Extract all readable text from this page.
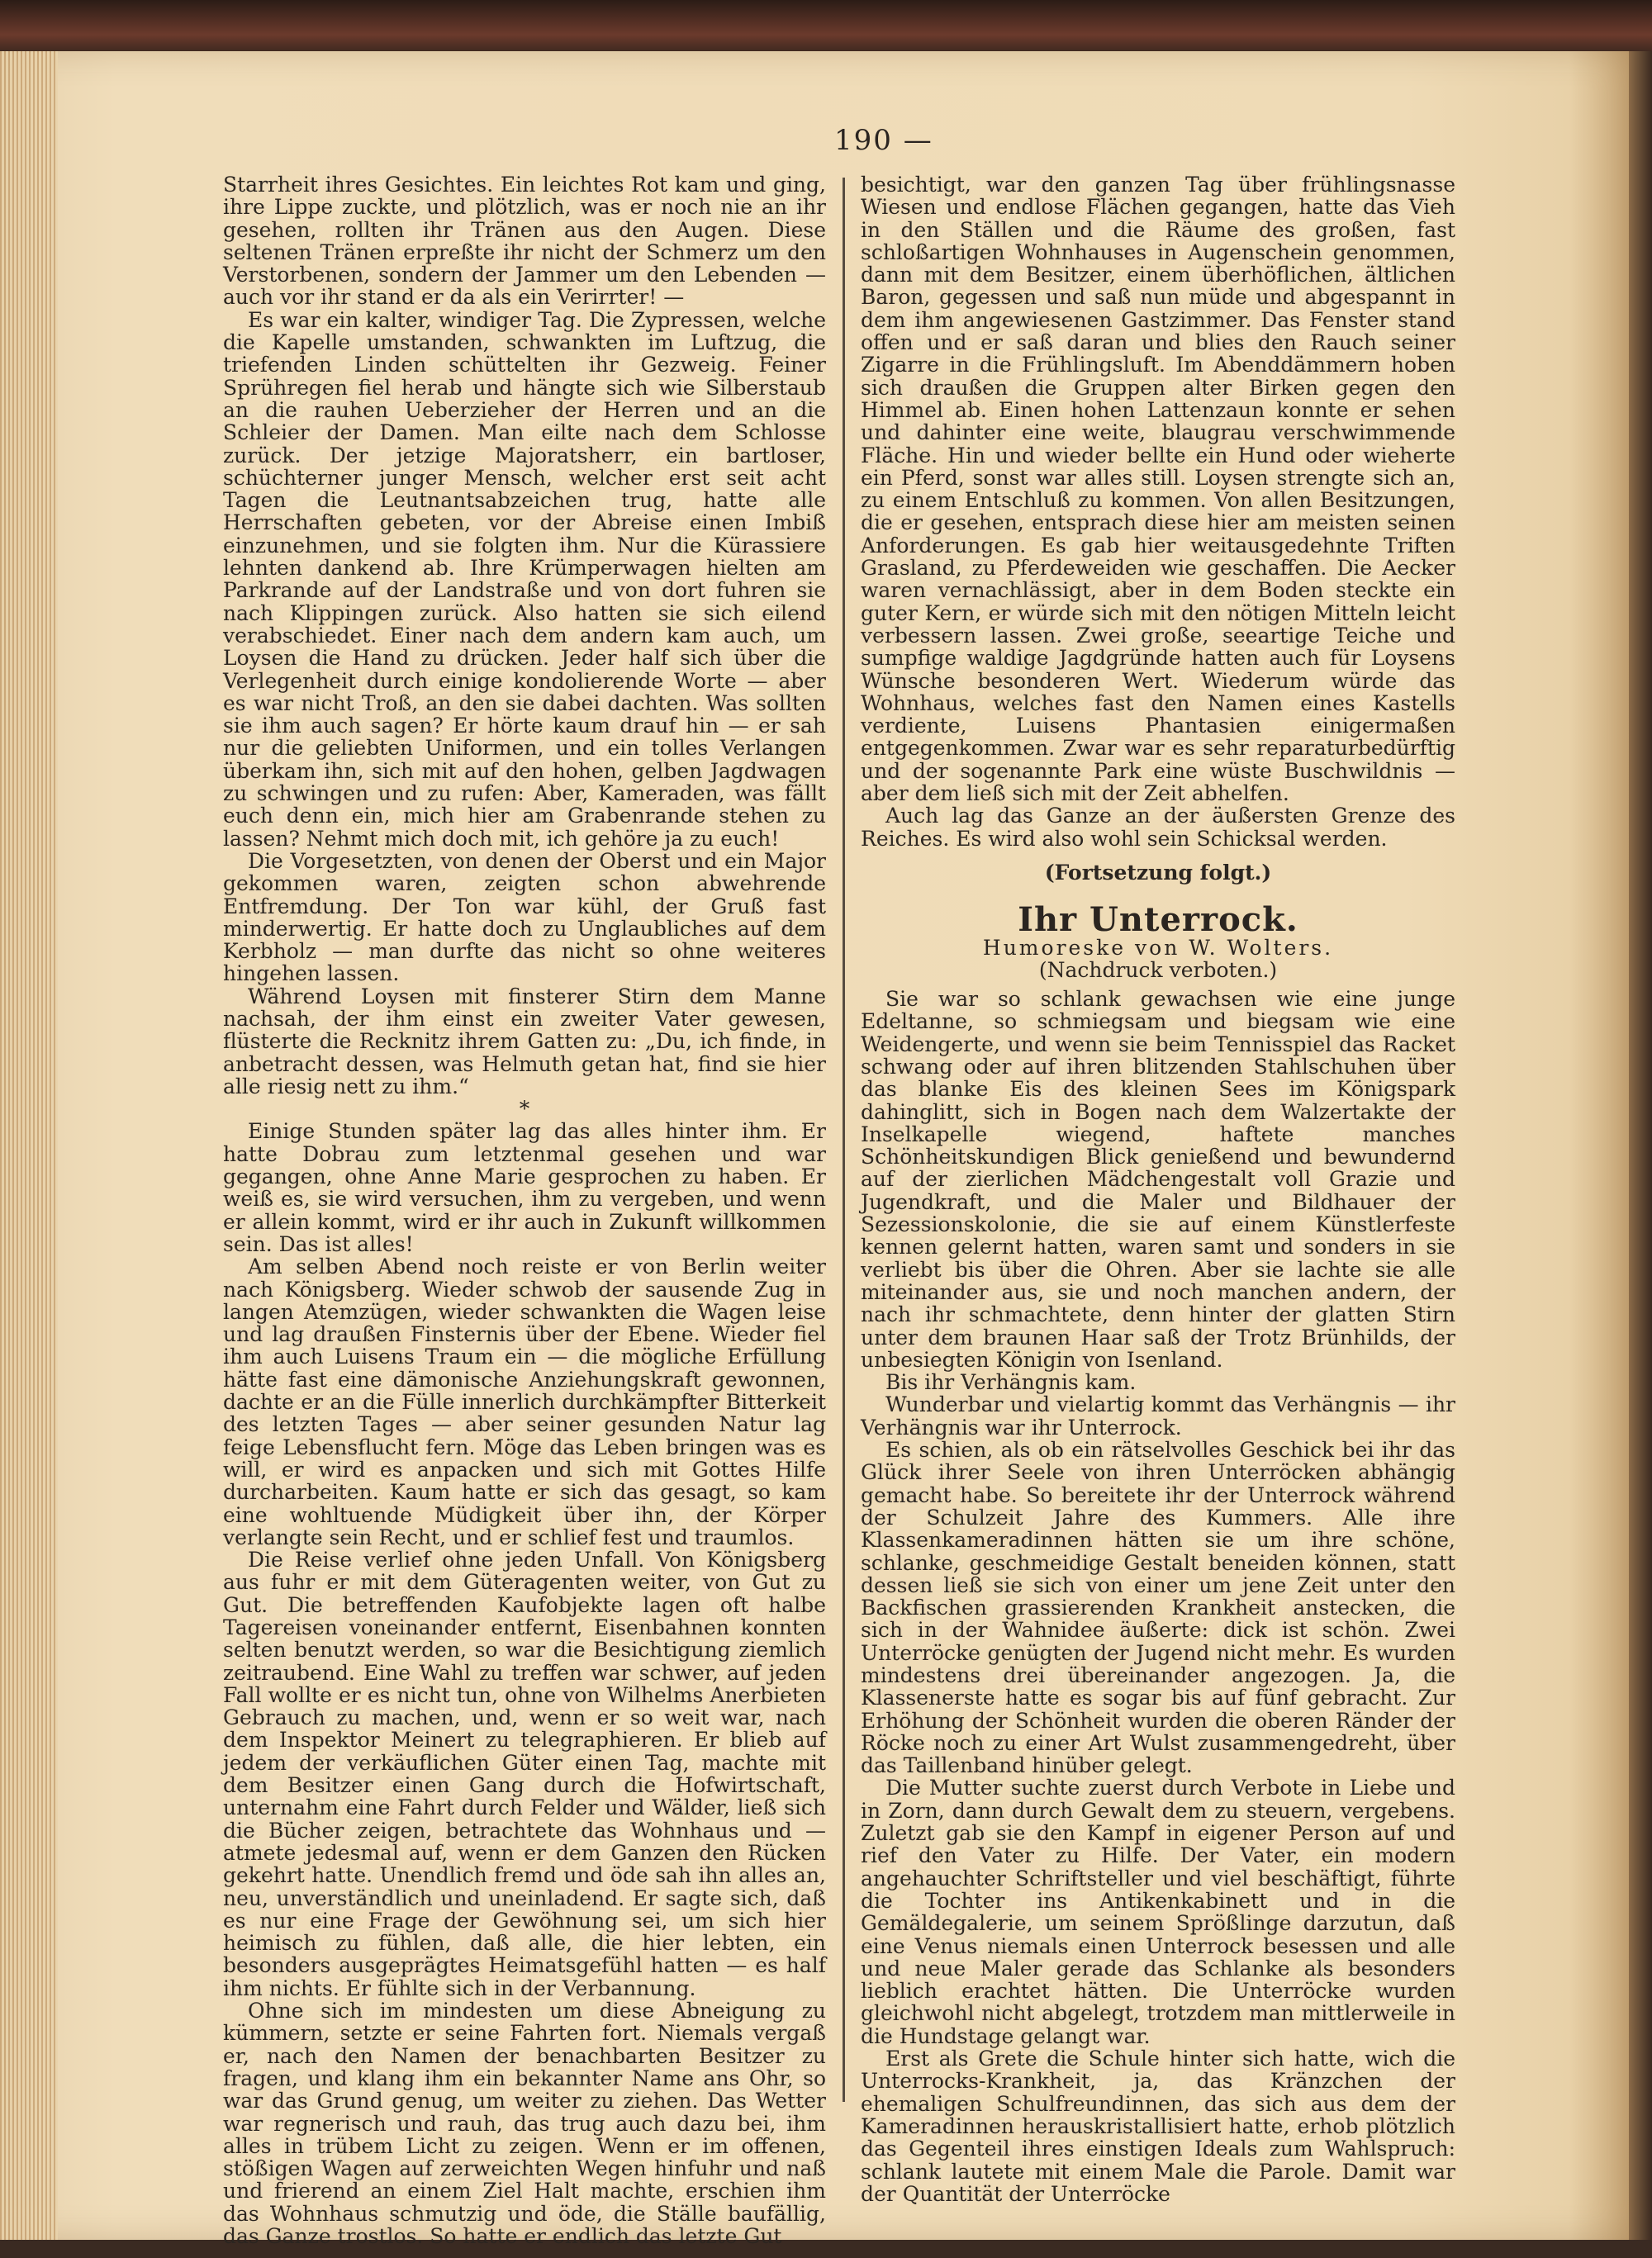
190 —

Starrheit ihres Gesichtes. Ein leichtes Rot kam und ging, ihre Lippe zuckte, und plötzlich, was er noch nie an ihr gesehen, rollten ihr Tränen aus den Augen. Diese seltenen Tränen erpreßte ihr nicht der Schmerz um den Verstorbenen, sondern der Jammer um den Lebenden — auch vor ihr stand er da als ein Verirrter! —

Es war ein kalter, windiger Tag. Die Zypressen, welche die Kapelle umstanden, schwankten im Luftzug, die triefenden Linden schüttelten ihr Gezweig. Feiner Sprühregen fiel herab und hängte sich wie Silberstaub an die rauhen Ueberzieher der Herren und an die Schleier der Damen. Man eilte nach dem Schlosse zurück. Der jetzige Majoratsherr, ein bartloser, schüchterner junger Mensch, welcher erst seit acht Tagen die Leutnantsabzeichen trug, hatte alle Herrschaften gebeten, vor der Abreise einen Imbiß einzunehmen, und sie folgten ihm. Nur die Kürassiere lehnten dankend ab. Ihre Krümperwagen hielten am Parkrande auf der Landstraße und von dort fuhren sie nach Klippingen zurück. Also hatten sie sich eilend verabschiedet. Einer nach dem andern kam auch, um Loysen die Hand zu drücken. Jeder half sich über die Verlegenheit durch einige kondolierende Worte — aber es war nicht Troß, an den sie dabei dachten. Was sollten sie ihm auch sagen? Er hörte kaum drauf hin — er sah nur die geliebten Uniformen, und ein tolles Verlangen überkam ihn, sich mit auf den hohen, gelben Jagdwagen zu schwingen und zu rufen: Aber, Kameraden, was fällt euch denn ein, mich hier am Grabenrande stehen zu lassen? Nehmt mich doch mit, ich gehöre ja zu euch!

Die Vorgesetzten, von denen der Oberst und ein Major gekommen waren, zeigten schon abwehrende Entfremdung. Der Ton war kühl, der Gruß fast minderwertig. Er hatte doch zu Unglaubliches auf dem Kerbholz — man durfte das nicht so ohne weiteres hingehen lassen.

Während Loysen mit finsterer Stirn dem Manne nachsah, der ihm einst ein zweiter Vater gewesen, flüsterte die Recknitz ihrem Gatten zu: „Du, ich finde, in anbetracht dessen, was Helmuth getan hat, find sie hier alle riesig nett zu ihm.“

*

Einige Stunden später lag das alles hinter ihm. Er hatte Dobrau zum letztenmal gesehen und war gegangen, ohne Anne Marie gesprochen zu haben. Er weiß es, sie wird versuchen, ihm zu vergeben, und wenn er allein kommt, wird er ihr auch in Zukunft willkommen sein. Das ist alles!

Am selben Abend noch reiste er von Berlin weiter nach Königsberg. Wieder schwob der sausende Zug in langen Atemzügen, wieder schwankten die Wagen leise und lag draußen Finsternis über der Ebene. Wieder fiel ihm auch Luisens Traum ein — die mögliche Erfüllung hätte fast eine dämonische Anziehungskraft gewonnen, dachte er an die Fülle innerlich durchkämpfter Bitterkeit des letzten Tages — aber seiner gesunden Natur lag feige Lebensflucht fern. Möge das Leben bringen was es will, er wird es anpacken und sich mit Gottes Hilfe durcharbeiten. Kaum hatte er sich das gesagt, so kam eine wohltuende Müdigkeit über ihn, der Körper verlangte sein Recht, und er schlief fest und traumlos.

Die Reise verlief ohne jeden Unfall. Von Königsberg aus fuhr er mit dem Güteragenten weiter, von Gut zu Gut. Die betreffenden Kaufobjekte lagen oft halbe Tagereisen voneinander entfernt, Eisenbahnen konnten selten benutzt werden, so war die Besichtigung ziemlich zeitraubend. Eine Wahl zu treffen war schwer, auf jeden Fall wollte er es nicht tun, ohne von Wilhelms Anerbieten Gebrauch zu machen, und, wenn er so weit war, nach dem Inspektor Meinert zu telegraphieren. Er blieb auf jedem der verkäuflichen Güter einen Tag, machte mit dem Besitzer einen Gang durch die Hofwirtschaft, unternahm eine Fahrt durch Felder und Wälder, ließ sich die Bücher zeigen, betrachtete das Wohnhaus und — atmete jedesmal auf, wenn er dem Ganzen den Rücken gekehrt hatte. Unendlich fremd und öde sah ihn alles an, neu, unverständlich und uneinladend. Er sagte sich, daß es nur eine Frage der Gewöhnung sei, um sich hier heimisch zu fühlen, daß alle, die hier lebten, ein besonders ausgeprägtes Heimatsgefühl hatten — es half ihm nichts. Er fühlte sich in der Verbannung.

Ohne sich im mindesten um diese Abneigung zu kümmern, setzte er seine Fahrten fort. Niemals vergaß er, nach den Namen der benachbarten Besitzer zu fragen, und klang ihm ein bekannter Name ans Ohr, so war das Grund genug, um weiter zu ziehen. Das Wetter war regnerisch und rauh, das trug auch dazu bei, ihm alles in trübem Licht zu zeigen. Wenn er im offenen, stößigen Wagen auf zerweichten Wegen hinfuhr und naß und frierend an einem Ziel Halt machte, erschien ihm das Wohnhaus schmutzig und öde, die Ställe baufällig, das Ganze trostlos. So hatte er endlich das letzte Gut

besichtigt, war den ganzen Tag über frühlingsnasse Wiesen und endlose Flächen gegangen, hatte das Vieh in den Ställen und die Räume des großen, fast schloßartigen Wohnhauses in Augenschein genommen, dann mit dem Besitzer, einem überhöflichen, ältlichen Baron, gegessen und saß nun müde und abgespannt in dem ihm angewiesenen Gastzimmer. Das Fenster stand offen und er saß daran und blies den Rauch seiner Zigarre in die Frühlingsluft. Im Abenddämmern hoben sich draußen die Gruppen alter Birken gegen den Himmel ab. Einen hohen Lattenzaun konnte er sehen und dahinter eine weite, blaugrau verschwimmende Fläche. Hin und wieder bellte ein Hund oder wieherte ein Pferd, sonst war alles still. Loysen strengte sich an, zu einem Entschluß zu kommen. Von allen Besitzungen, die er gesehen, entsprach diese hier am meisten seinen Anforderungen. Es gab hier weitausgedehnte Triften Grasland, zu Pferdeweiden wie geschaffen. Die Aecker waren vernachlässigt, aber in dem Boden steckte ein guter Kern, er würde sich mit den nötigen Mitteln leicht verbessern lassen. Zwei große, seeartige Teiche und sumpfige waldige Jagdgründe hatten auch für Loysens Wünsche besonderen Wert. Wiederum würde das Wohnhaus, welches fast den Namen eines Kastells verdiente, Luisens Phantasien einigermaßen entgegenkommen. Zwar war es sehr reparaturbedürftig und der sogenannte Park eine wüste Buschwildnis — aber dem ließ sich mit der Zeit abhelfen.

Auch lag das Ganze an der äußersten Grenze des Reiches. Es wird also wohl sein Schicksal werden.

(Fortsetzung folgt.)

Ihr Unterrock.

Humoreske von W. Wolters.

(Nachdruck verboten.)

Sie war so schlank gewachsen wie eine junge Edeltanne, so schmiegsam und biegsam wie eine Weidengerte, und wenn sie beim Tennisspiel das Racket schwang oder auf ihren blitzenden Stahlschuhen über das blanke Eis des kleinen Sees im Königspark dahinglitt, sich in Bogen nach dem Walzertakte der Inselkapelle wiegend, haftete manches Schönheitskundigen Blick genießend und bewundernd auf der zierlichen Mädchengestalt voll Grazie und Jugendkraft, und die Maler und Bildhauer der Sezessionskolonie, die sie auf einem Künstlerfeste kennen gelernt hatten, waren samt und sonders in sie verliebt bis über die Ohren. Aber sie lachte sie alle miteinander aus, sie und noch manchen andern, der nach ihr schmachtete, denn hinter der glatten Stirn unter dem braunen Haar saß der Trotz Brünhilds, der unbesiegten Königin von Isenland.

Bis ihr Verhängnis kam.

Wunderbar und vielartig kommt das Verhängnis — ihr Verhängnis war ihr Unterrock.

Es schien, als ob ein rätselvolles Geschick bei ihr das Glück ihrer Seele von ihren Unterröcken abhängig gemacht habe. So bereitete ihr der Unterrock während der Schulzeit Jahre des Kummers. Alle ihre Klassenkameradinnen hätten sie um ihre schöne, schlanke, geschmeidige Gestalt beneiden können, statt dessen ließ sie sich von einer um jene Zeit unter den Backfischen grassierenden Krankheit anstecken, die sich in der Wahnidee äußerte: dick ist schön. Zwei Unterröcke genügten der Jugend nicht mehr. Es wurden mindestens drei übereinander angezogen. Ja, die Klassenerste hatte es sogar bis auf fünf gebracht. Zur Erhöhung der Schönheit wurden die oberen Ränder der Röcke noch zu einer Art Wulst zusammengedreht, über das Taillenband hinüber gelegt.

Die Mutter suchte zuerst durch Verbote in Liebe und in Zorn, dann durch Gewalt dem zu steuern, vergebens. Zuletzt gab sie den Kampf in eigener Person auf und rief den Vater zu Hilfe. Der Vater, ein modern angehauchter Schriftsteller und viel beschäftigt, führte die Tochter ins Antikenkabinett und in die Gemäldegalerie, um seinem Sprößlinge darzutun, daß eine Venus niemals einen Unterrock besessen und alle und neue Maler gerade das Schlanke als besonders lieblich erachtet hätten. Die Unterröcke wurden gleichwohl nicht abgelegt, trotzdem man mittlerweile in die Hundstage gelangt war.

Erst als Grete die Schule hinter sich hatte, wich die Unterrocks-Krankheit, ja, das Kränzchen der ehemaligen Schulfreundinnen, das sich aus dem der Kameradinnen herauskristallisiert hatte, erhob plötzlich das Gegenteil ihres einstigen Ideals zum Wahlspruch: schlank lautete mit einem Male die Parole. Damit war der Quantität der Unterröcke
